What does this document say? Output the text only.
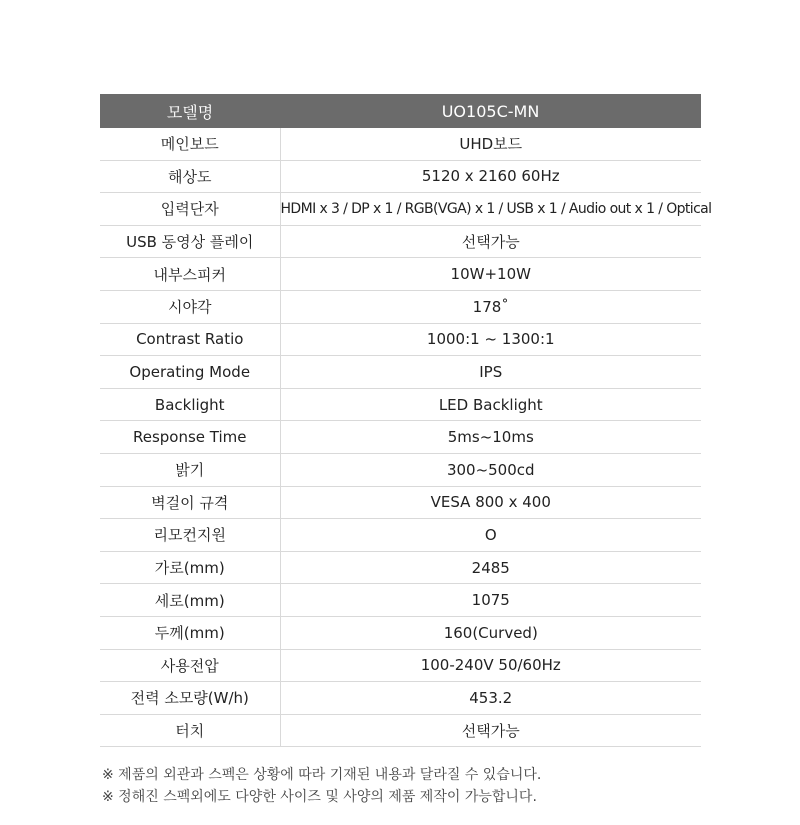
모델명	UO105C-MN
메인보드	UHD보드
해상도	5120 x 2160 60Hz
입력단자	HDMI x 3 / DP x 1 / RGB(VGA) x 1 / USB x 1 / Audio out x 1 / Optical
USB 동영상 플레이	선택가능
내부스피커	10W+10W
시야각	178˚
Contrast Ratio	1000:1 ~ 1300:1
Operating Mode	IPS
Backlight	LED Backlight
Response Time	5ms~10ms
밝기	300~500cd
벽걸이 규격	VESA 800 x 400
리모컨지원	O
가로(mm)	2485
세로(mm)	1075
두께(mm)	160(Curved)
사용전압	100-240V 50/60Hz
전력 소모량(W/h)	453.2
터치	선택가능
※ 제품의 외관과 스펙은 상황에 따라 기재된 내용과 달라질 수 있습니다.
※ 정해진 스펙외에도 다양한 사이즈 및 사양의 제품 제작이 가능합니다.
